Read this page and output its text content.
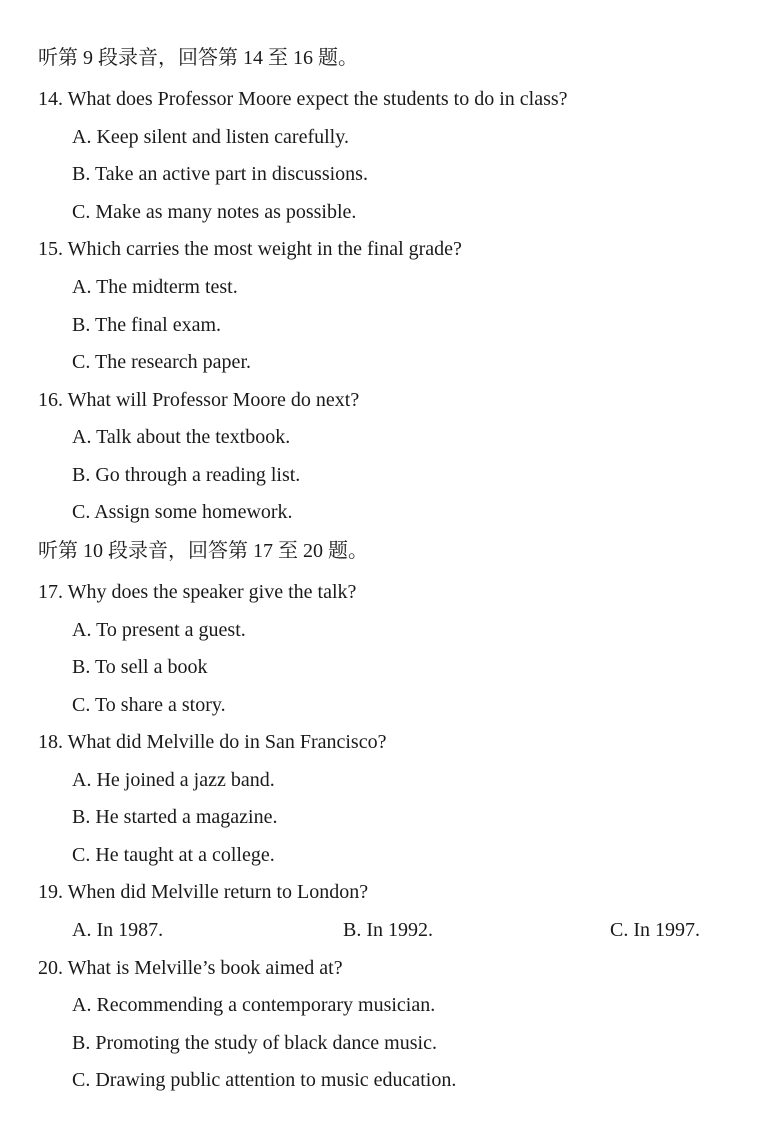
听第 9 段录音，回答第 14 至 16 题。
14. What does Professor Moore expect the students to do in class?
A. Keep silent and listen carefully.
B. Take an active part in discussions.
C. Make as many notes as possible.
15. Which carries the most weight in the final grade?
A. The midterm test.
B. The final exam.
C. The research paper.
16. What will Professor Moore do next?
A. Talk about the textbook.
B. Go through a reading list.
C. Assign some homework.
听第 10 段录音，回答第 17 至 20 题。
17. Why does the speaker give the talk?
A. To present a guest.
B. To sell a book
C. To share a story.
18. What did Melville do in San Francisco?
A. He joined a jazz band.
B. He started a magazine.
C. He taught at a college.
19. When did Melville return to London?
A. In 1987.	B. In 1992.	C. In 1997.
20. What is Melville’s book aimed at?
A. Recommending a contemporary musician.
B. Promoting the study of black dance music.
C. Drawing public attention to music education.
